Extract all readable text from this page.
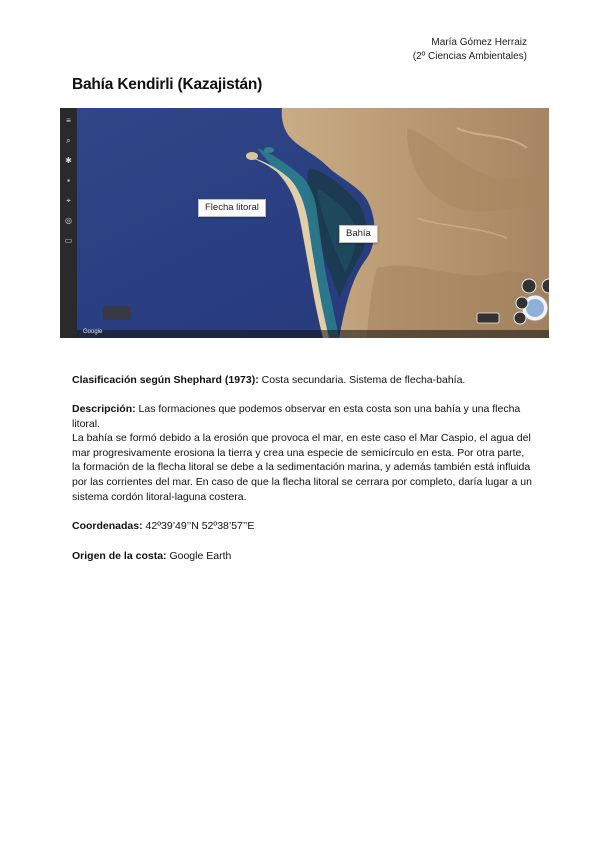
María Gómez Herraiz
(2º Ciencias Ambientales)
Bahía Kendirli (Kazajistán)
≡
⌕
✱
▪
⌖
◎
▭
Flecha litoral
Bahía
Google
Clasificación según Shephard (1973): Costa secundaria. Sistema de flecha-bahía.
Descripción: Las formaciones que podemos observar en esta costa son una bahía y una flecha litoral.
La bahía se formó debido a la erosión que provoca el mar, en este caso el Mar Caspio, el agua del mar progresivamente erosiona la tierra y crea una especie de semicírculo en esta. Por otra parte, la formación de la flecha litoral se debe a la sedimentación marina, y además también está influida por las corrientes del mar. En caso de que la flecha litoral se cerrara por completo, daría lugar a un sistema cordón litoral-laguna costera.
Coordenadas: 42º39’49’’N 52º38’57’’E
Origen de la costa: Google Earth
